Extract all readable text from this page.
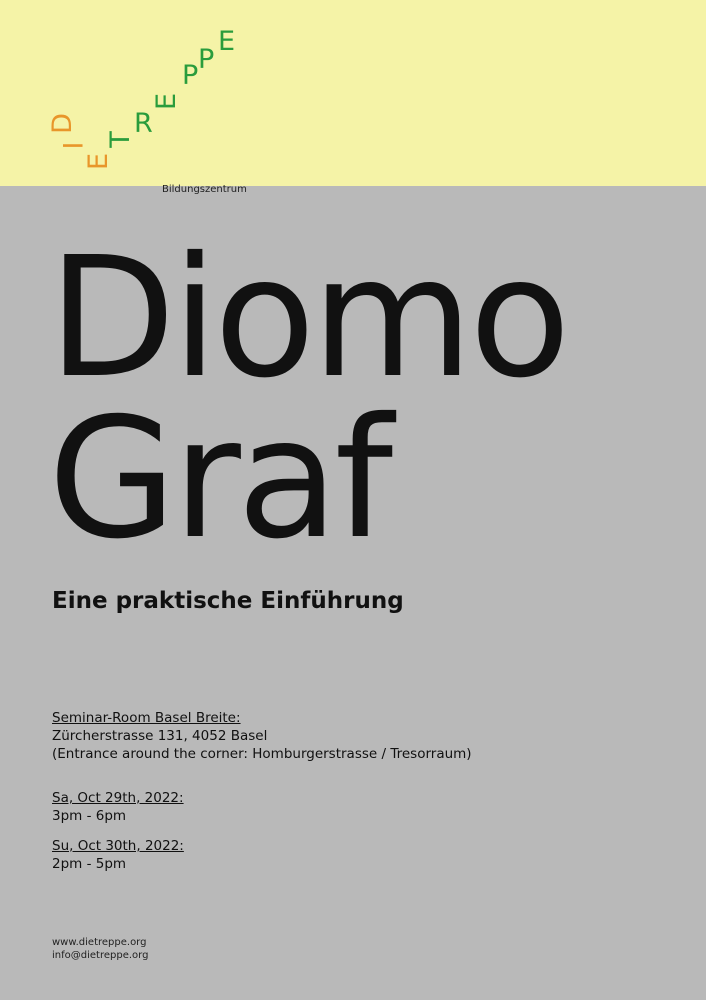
D
I
E
T
R
E
P
P
E
Bildungszentrum
Diomo
Graf
Eine praktische Einführung
Seminar-Room Basel Breite:
Zürcherstrasse 131, 4052 Basel
(Entrance around the corner: Homburgerstrasse / Tresorraum)
Sa, Oct 29th, 2022:
3pm - 6pm
Su, Oct 30th, 2022:
2pm - 5pm
www.dietreppe.org
info@dietreppe.org
